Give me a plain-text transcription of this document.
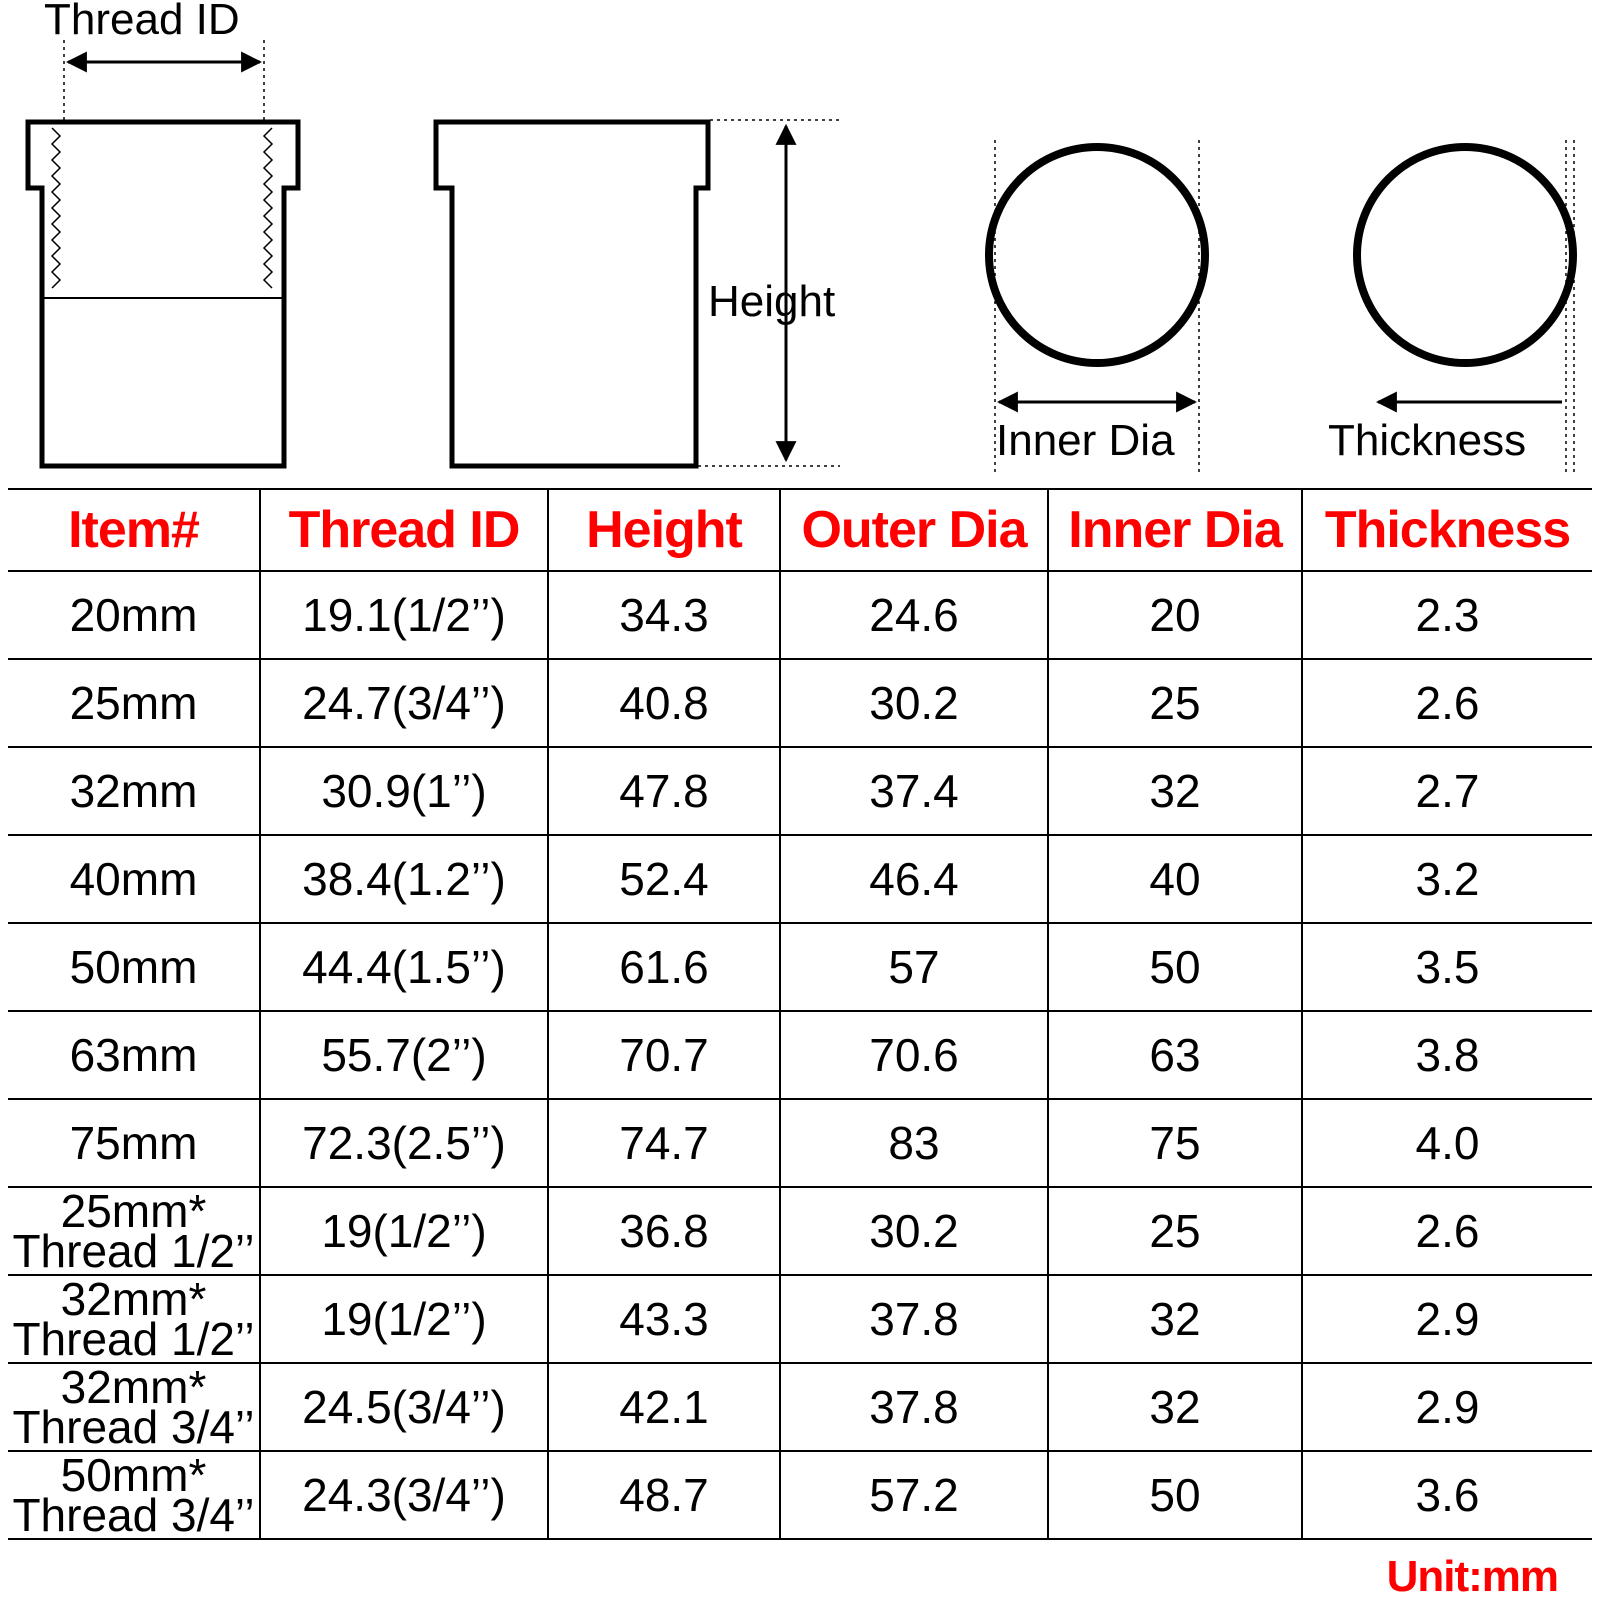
Thread ID
Height
Inner Dia	Thickness
Item#	Thread ID	Height	Outer Dia	Inner Dia	Thickness

20mm	19.1(1/2’’)	34.3	24.6	20	2.3

25mm	24.7(3/4’’)	40.8	30.2	25	2.6

32mm	30.9(1’’)	47.8	37.4	32	2.7

40mm	38.4(1.2’’)	52.4	46.4	40	3.2

50mm	44.4(1.5’’)	61.6	57	50	3.5

63mm	55.7(2’’)	70.7	70.6	63	3.8

75mm	72.3(2.5’’)	74.7	83	75	4.0

25mm*
Thread 1/2’’	19(1/2’’)	36.8	30.2	25	2.6

32mm*
Thread 1/2’’	19(1/2’’)	43.3	37.8	32	2.9

32mm*
Thread 3/4’’	24.5(3/4’’)	42.1	37.8	32	2.9

50mm*
Thread 3/4’’	24.3(3/4’’)	48.7	57.2	50	3.6
Unit:mm
